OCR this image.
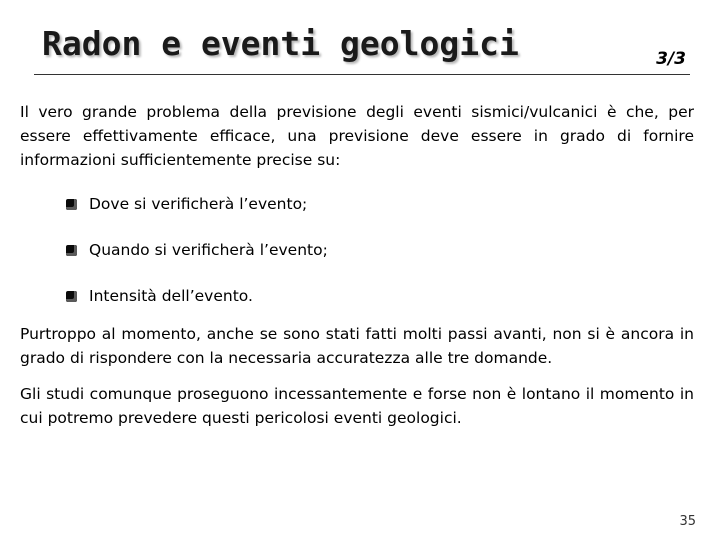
Radon e eventi geologici	3/3

Il vero grande problema della previsione degli eventi sismici/vulcanici è che, per essere effettivamente efficace, una previsione deve essere in grado di fornire informazioni sufficientemente precise su:

Dove si verificherà l’evento;
Quando si verificherà l’evento;
Intensità dell’evento.

Purtroppo al momento, anche se sono stati fatti molti passi avanti, non si è ancora in grado di rispondere con la necessaria accuratezza alle tre domande.

Gli studi comunque proseguono incessantemente e forse non è lontano il momento in cui potremo prevedere questi pericolosi eventi geologici.

35
